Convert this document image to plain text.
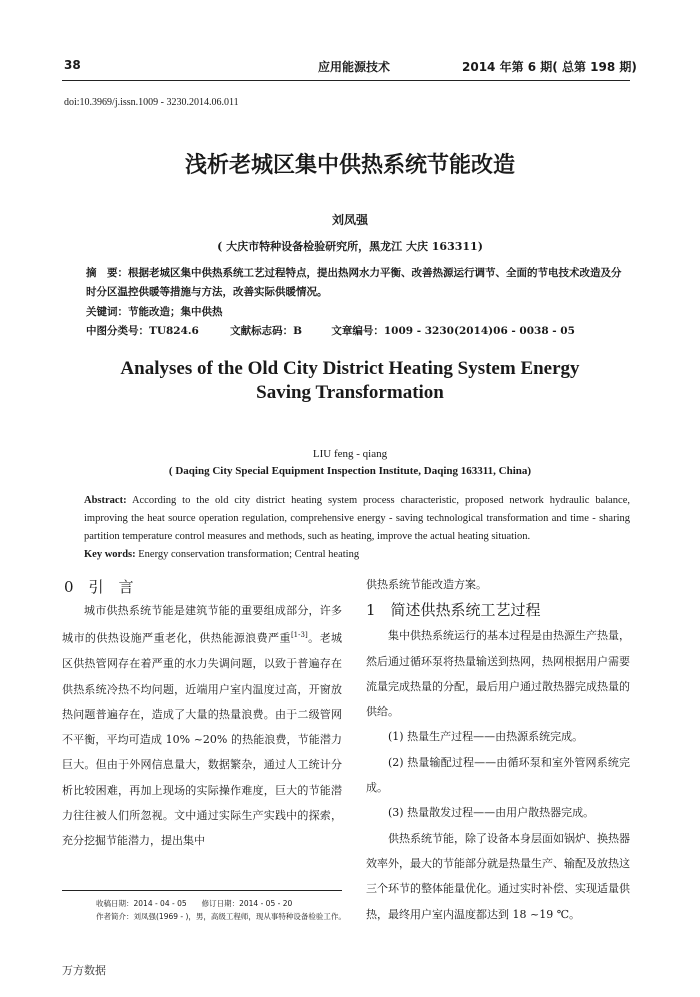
38	应用能源技术	2014 年第 6 期( 总第 198 期)
doi:10.3969/j.issn.1009 - 3230.2014.06.011
浅析老城区集中供热系统节能改造
刘凤强
( 大庆市特种设备检验研究所，黑龙江 大庆 163311)
摘　要：根据老城区集中供热系统工艺过程特点，提出热网水力平衡、改善热源运行调节、全面的节电技术改造及分时分区温控供暖等措施与方法，改善实际供暖情况。
关键词：节能改造；集中供热
中图分类号：TU824.6	文献标志码：B	文章编号：1009 - 3230(2014)06 - 0038 - 05
Analyses of the Old City District Heating System Energy
Saving Transformation
LIU feng - qiang
( Daqing City Special Equipment Inspection Institute, Daqing 163311, China)
Abstract: According to the old city district heating system process characteristic, proposed network hydraulic balance, improving the heat source operation regulation, comprehensive energy - saving technological transformation and time - sharing partition temperature control measures and methods, such as heating, improve the actual heating situation.
Key words: Energy conservation transformation; Central heating
0　引　言

城市供热系统节能是建筑节能的重要组成部分，许多城市的供热设施严重老化，供热能源浪费严重[1-3]。老城区供热管网存在着严重的水力失调问题，以致于普遍存在供热系统冷热不均问题，近端用户室内温度过高，开窗放热问题普遍存在，造成了大量的热量浪费。由于二级管网不平衡，平均可造成 10% ~20% 的热能浪费，节能潜力巨大。但由于外网信息量大，数据繁杂，通过人工统计分析比较困难，再加上现场的实际操作难度，巨大的节能潜力往往被人们所忽视。文中通过实际生产实践中的探索，充分挖掘节能潜力，提出集中

收稿日期：2014 - 04 - 05　　修订日期：2014 - 05 - 20
作者简介：刘凤强(1969 - )，男，高级工程师，现从事特种设备检验工作。

供热系统节能改造方案。

1　简述供热系统工艺过程

集中供热系统运行的基本过程是由热源生产热量，然后通过循环泵将热量输送到热网，热网根据用户需要流量完成热量的分配，最后用户通过散热器完成热量的供给。

(1) 热量生产过程——由热源系统完成。

(2) 热量输配过程——由循环泵和室外管网系统完成。

(3) 热量散发过程——由用户散热器完成。

供热系统节能，除了设备本身层面如锅炉、换热器效率外，最大的节能部分就是热量生产、输配及放热这三个环节的整体能量优化。通过实时补偿、实现适量供热，最终用户室内温度都达到 18 ~19 ℃。

万方数据
